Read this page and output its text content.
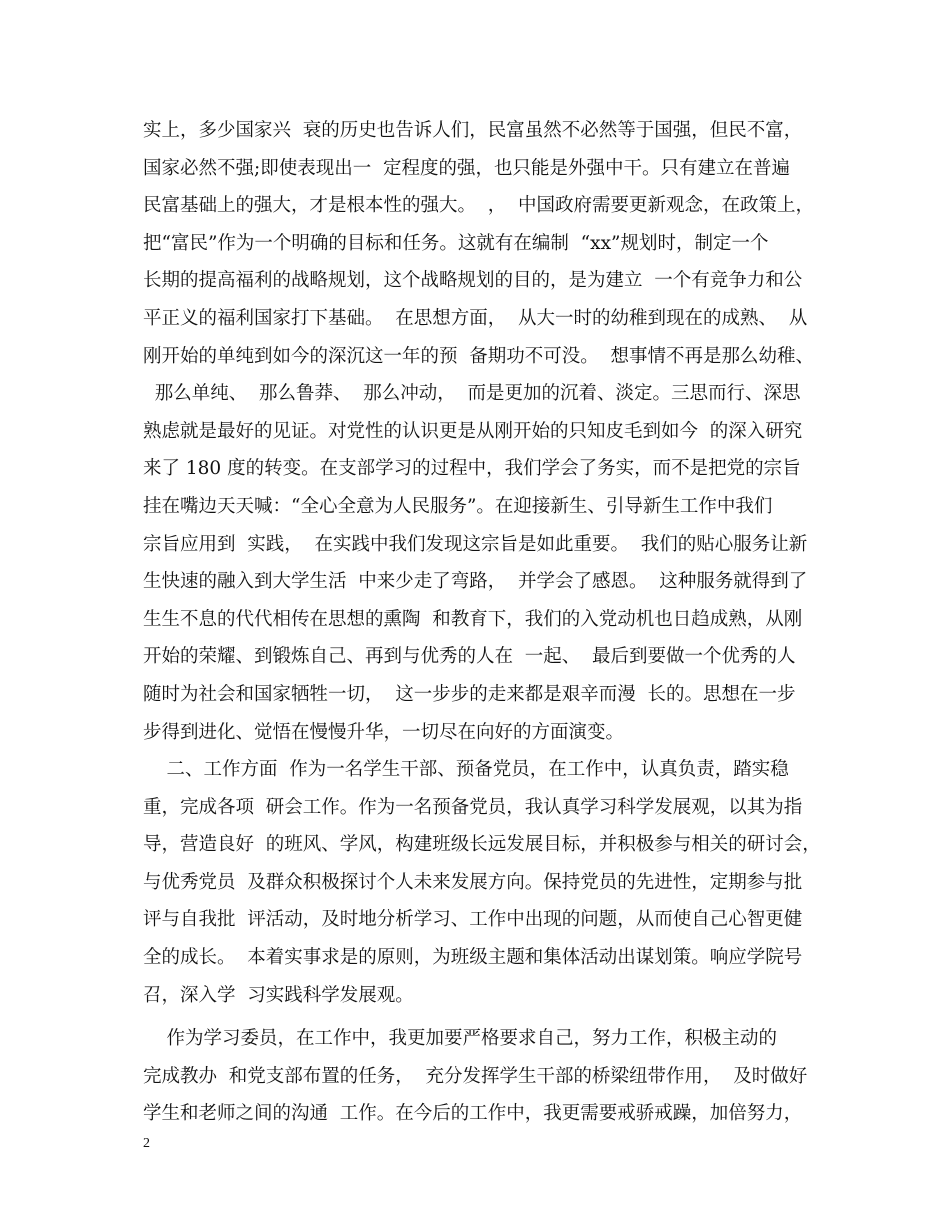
实上，多少国家兴  衰的历史也告诉人们，民富虽然不必然等于国强，但民不富，
国家必然不强;即使表现出一  定程度的强，也只能是外强中干。只有建立在普遍
民富基础上的强大，才是根本性的强大。  ，  中国政府需要更新观念，在政策上，
把“富民”作为一个明确的目标和任务。这就有在编制  “xx”规划时，制定一个
长期的提高福利的战略规划，这个战略规划的目的，是为建立  一个有竞争力和公
平正义的福利国家打下基础。  在思想方面，  从大一时的幼稚到现在的成熟、  从
刚开始的单纯到如今的深沉这一年的预  备期功不可没。  想事情不再是那么幼稚、
那么单纯、  那么鲁莽、  那么冲动，  而是更加的沉着、淡定。三思而行、深思
熟虑就是最好的见证。对党性的认识更是从刚开始的只知皮毛到如今  的深入研究
来了 180 度的转变。在支部学习的过程中，我们学会了务实，而不是把党的宗旨
挂在嘴边天天喊：“全心全意为人民服务”。在迎接新生、引导新生工作中我们
宗旨应用到  实践，  在实践中我们发现这宗旨是如此重要。  我们的贴心服务让新
生快速的融入到大学生活  中来少走了弯路，  并学会了感恩。  这种服务就得到了
生生不息的代代相传在思想的熏陶  和教育下，我们的入党动机也日趋成熟，从刚
开始的荣耀、到锻炼自己、再到与优秀的人在  一起、  最后到要做一个优秀的人
随时为社会和国家牺牲一切，  这一步步的走来都是艰辛而漫  长的。思想在一步
步得到进化、觉悟在慢慢升华，一切尽在向好的方面演变。
二、工作方面  作为一名学生干部、预备党员，在工作中，认真负责，踏实稳
重，完成各项  研会工作。作为一名预备党员，我认真学习科学发展观，以其为指
导，营造良好  的班风、学风，构建班级长远发展目标，并积极参与相关的研讨会，
与优秀党员  及群众积极探讨个人未来发展方向。保持党员的先进性，定期参与批
评与自我批  评活动，及时地分析学习、工作中出现的问题，从而使自己心智更健
全的成长。  本着实事求是的原则，为班级主题和集体活动出谋划策。响应学院号
召，深入学  习实践科学发展观。
作为学习委员，在工作中，我更加要严格要求自己，努力工作，积极主动的
完成教办  和党支部布置的任务，  充分发挥学生干部的桥梁纽带作用，  及时做好
学生和老师之间的沟通  工作。在今后的工作中，我更需要戒骄戒躁，加倍努力，
2
